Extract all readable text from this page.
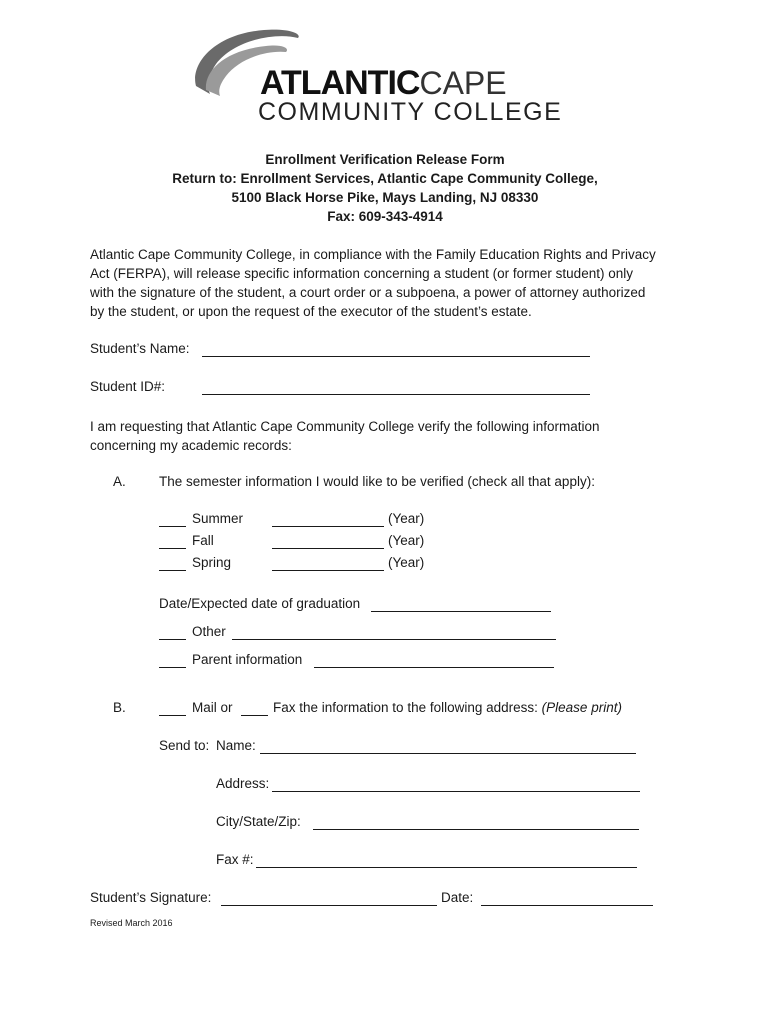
ATLANTICCAPE
COMMUNITY COLLEGE
Enrollment Verification Release Form
Return to: Enrollment Services, Atlantic Cape Community College,
5100 Black Horse Pike, Mays Landing, NJ 08330
Fax: 609-343-4914
Atlantic Cape Community College, in compliance with the Family Education Rights and Privacy
Act (FERPA), will release specific information concerning a student (or former student) only
with the signature of the student, a court order or a subpoena, a power of attorney authorized
by the student, or upon the request of the executor of the student’s estate.
Student’s Name:
Student ID#:
I am requesting that Atlantic Cape Community College verify the following information
concerning my academic records:
A. The semester information I would like to be verified (check all that apply):
Summer	(Year)
Fall	(Year)
Spring	(Year)
Date/Expected date of graduation
Other
Parent information
B.	Mail or	Fax the information to the following address: (Please print)
Send to: Name:
Address:
City/State/Zip:
Fax #:
Student’s Signature:	Date:
Revised March 2016
